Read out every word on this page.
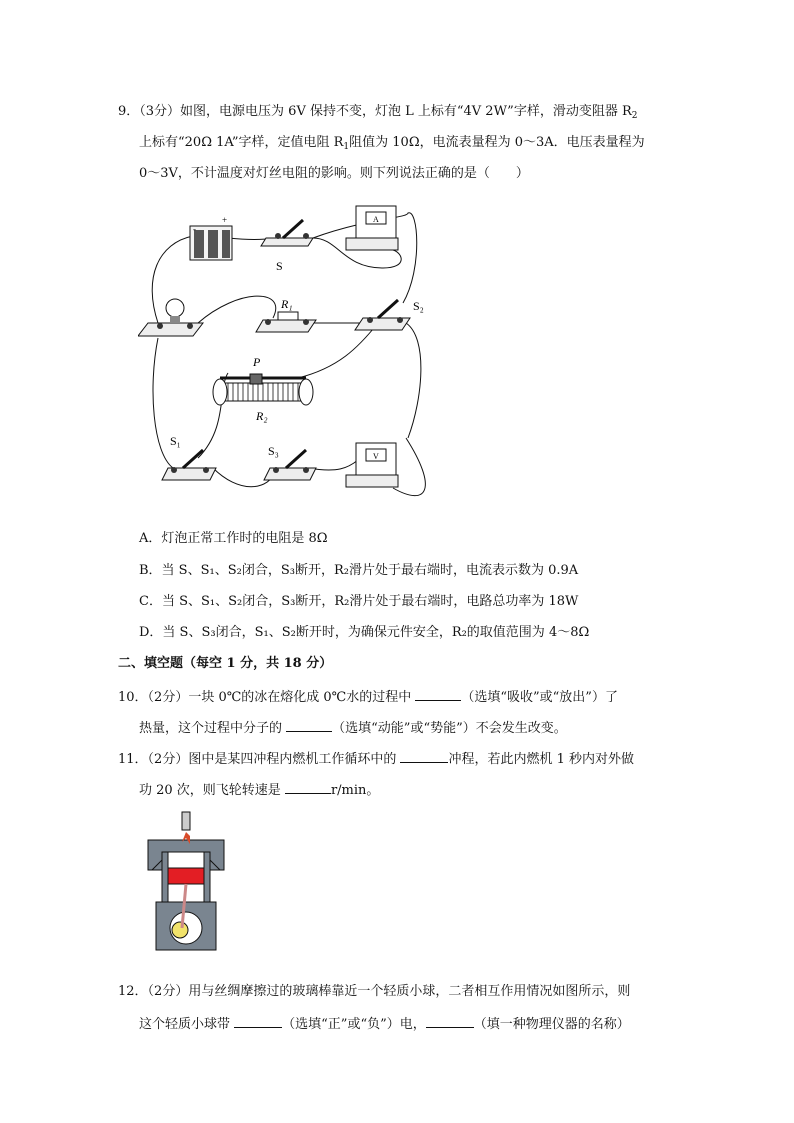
9．（3分）如图，电源电压为 6V 保持不变，灯泡 L 上标有“4V 2W”字样，滑动变阻器 $R_2$
上标有“20Ω 1A”字样，定值电阻 $R_1$阻值为 10Ω，电流表量程为 0～3A．电压表量程为
0～3V，不计温度对灯丝电阻的影响。则下列说法正确的是（　　）
-
+
S
A
R₁	S₂
P
R₂
S₁
S₃	V
A．灯泡正常工作时的电阻是 8Ω
B．当 S、S₁、S₂闭合，S₃断开，R₂滑片处于最右端时，电流表示数为 0.9A
C．当 S、S₁、S₂闭合，S₃断开，R₂滑片处于最右端时，电路总功率为 18W
D．当 S、S₃闭合，S₁、S₂断开时，为确保元件安全，R₂的取值范围为 4～8Ω
二、填空题（每空 1 分，共 18 分）
10．（2分）一块 0℃的冰在熔化成 0℃水的过程中	（选填“吸收”或“放出”）了
热量，这个过程中分子的	（选填“动能”或“势能”）不会发生改变。
11．（2分）图中是某四冲程内燃机工作循环中的	冲程，若此内燃机 1 秒内对外做
功 20 次，则飞轮转速是	r/min。
12．（2分）用与丝绸摩擦过的玻璃棒靠近一个轻质小球，二者相互作用情况如图所示，则
这个轻质小球带	（选填“正”或“负”）电，	（填一种物理仪器的名称）
